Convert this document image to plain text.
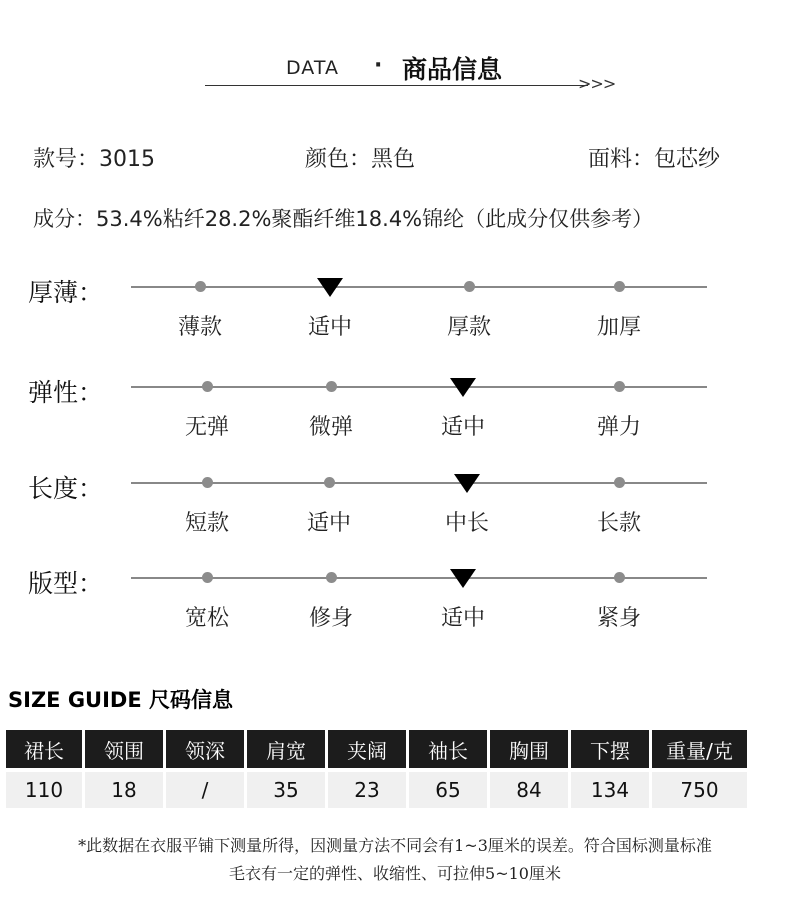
DATA · 商品信息	>>>
款号：3015	颜色：黑色	面料：包芯纱
成分：53.4%粘纤28.2%聚酯纤维18.4%锦纶（此成分仅供参考）
厚薄：
薄款	适中	厚款	加厚
弹性：
无弹	微弹	适中	弹力
长度：
短款	适中	中长	长款
版型：
宽松	修身	适中	紧身
SIZE GUIDE 尺码信息
裙长	领围	领深	肩宽	夹阔	袖长	胸围	下摆	重量/克
110	18	/	35	23	65	84	134	750
*此数据在衣服平铺下测量所得，因测量方法不同会有1~3厘米的误差。符合国标测量标准
毛衣有一定的弹性、收缩性、可拉伸5~10厘米
